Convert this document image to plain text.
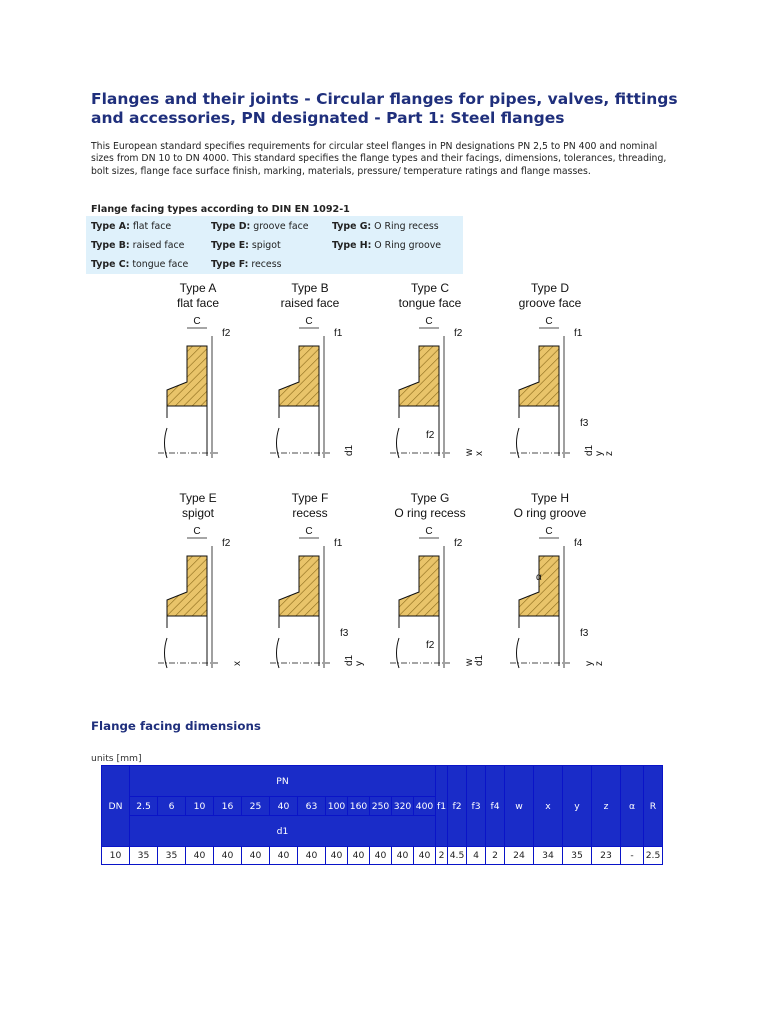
Flanges and their joints - Circular flanges for pipes, valves, fittings and accessories, PN designated - Part 1: Steel flanges

This European standard specifies requirements for circular steel flanges in PN designations PN 2,5 to PN 400 and nominal sizes from DN 10 to DN 4000. This standard specifies the flange types and their facings, dimensions, tolerances, threading, bolt sizes, flange face surface finish, marking, materials, pressure/ temperature ratings and flange masses.

Flange facing types according to DIN EN 1092-1
Type A: flat face	Type D: groove face Type G: O Ring recess
Type B: raised face	Type E: spigot	Type H: O Ring groove
Type C: tongue face Type F: recess
Type A
flat face
C
f2
Type B
raised face
C
f1
d1
Type C
tongue face
C
f2
w x
f2
Type D
groove face
C
f1
d1 y z
f3
Type E
spigot
C
f2
x
Type F
recess
C
f1
d1 y
f3
Type G
O ring recess
C
f2
w d1
f2
Type H
O ring groove
C
f4
y z
f3
α
Flange facing dimensions
units [mm]
DN	PN												f1	f2	f3	f4	w	x	y	z	α	R
	2.5	6	10	16	25	40	63	100	160	250	320	400										
	d1																					
10	35	35	40	40	40	40	40	40	40	40	40	40	2	4.5	4	2	24	34	35	23	-	2.5
